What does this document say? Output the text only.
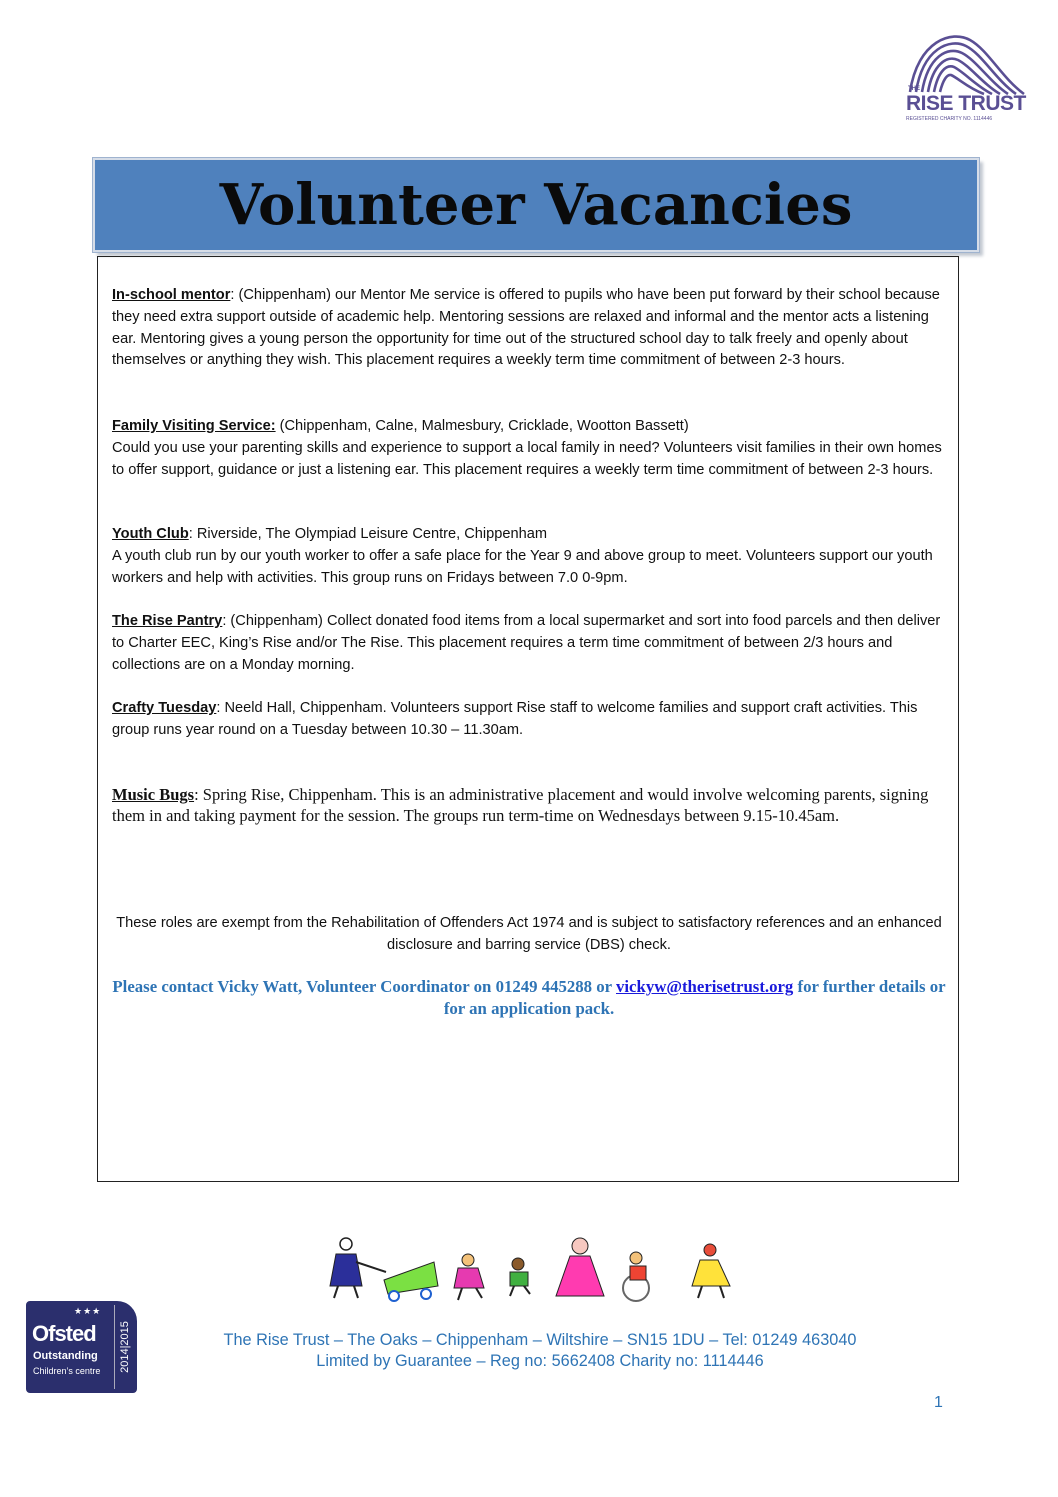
THE
RISE TRUST
REGISTERED CHARITY NO. 1114446
Volunteer Vacancies
In-school mentor: (Chippenham) our Mentor Me service is offered to pupils who have been put forward by their school because they need extra support outside of academic help. Mentoring sessions are relaxed and informal and the mentor acts a listening ear. Mentoring gives a young person the opportunity for time out of the structured school day to talk freely and openly about themselves or anything they wish. This placement requires a weekly term time commitment of between 2-3 hours.
Family Visiting Service: (Chippenham, Calne, Malmesbury, Cricklade, Wootton Bassett)
Could you use your parenting skills and experience to support a local family in need? Volunteers visit families in their own homes to offer support, guidance or just a listening ear. This placement requires a weekly term time commitment of between 2-3 hours.
Youth Club: Riverside, The Olympiad Leisure Centre, Chippenham
A youth club run by our youth worker to offer a safe place for the Year 9 and above group to meet. Volunteers support our youth workers and help with activities. This group runs on Fridays between 7.0 0-9pm.
The Rise Pantry: (Chippenham) Collect donated food items from a local supermarket and sort into food parcels and then deliver to Charter EEC, King’s Rise and/or The Rise. This placement requires a term time commitment of between 2/3 hours and collections are on a Monday morning.
Crafty Tuesday: Neeld Hall, Chippenham. Volunteers support Rise staff to welcome families and support craft activities. This group runs year round on a Tuesday between 10.30 – 11.30am.
Music Bugs: Spring Rise, Chippenham. This is an administrative placement and would involve welcoming parents, signing them in and taking payment for the session. The groups run term-time on Wednesdays between 9.15-10.45am.
These roles are exempt from the Rehabilitation of Offenders Act 1974 and is subject to satisfactory references and an enhanced disclosure and barring service (DBS) check.
Please contact Vicky Watt, Volunteer Coordinator on 01249 445288 or vickyw@therisetrust.org for further details or for an application pack.
★★★
Ofsted
Outstanding
Children’s centre 2014|2015	The Rise Trust – The Oaks – Chippenham – Wiltshire – SN15 1DU – Tel: 01249 463040
Limited by Guarantee – Reg no: 5662408 Charity no: 1114446
1
